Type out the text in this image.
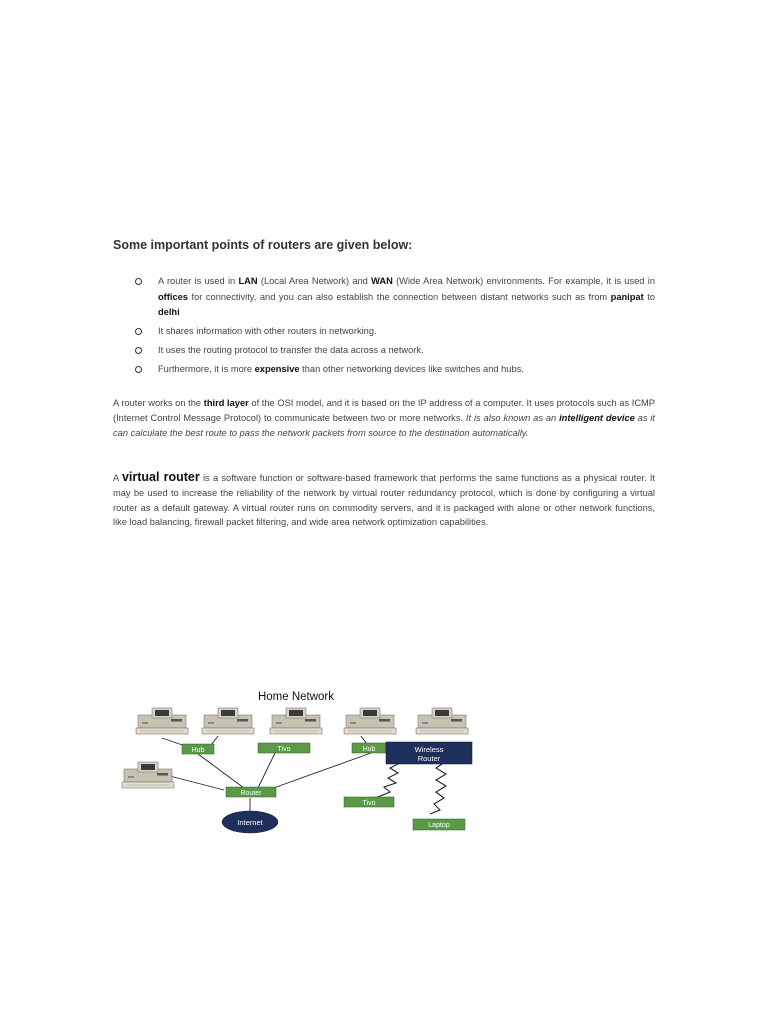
Some important points of routers are given below:
A router is used in LAN (Local Area Network) and WAN (Wide Area Network) environments. For example, it is used in offices for connectivity, and you can also establish the connection between distant networks such as from panipat to delhi
It shares information with other routers in networking.
It uses the routing protocol to transfer the data across a network.
Furthermore, it is more expensive than other networking devices like switches and hubs.

A router works on the third layer of the OSI model, and it is based on the IP address of a computer. It uses protocols such as ICMP (Internet Control Message Protocol) to communicate between two or more networks. It is also known as an intelligent device as it can calculate the best route to pass the network packets from source to the destination automatically.

A virtual router is a software function or software-based framework that performs the same functions as a physical router. It may be used to increase the reliability of the network by virtual router redundancy protocol, which is done by configuring a virtual router as a default gateway. A virtual router runs on commodity servers, and it is packaged with alone or other network functions, like load balancing, firewall packet filtering, and wide area network optimization capabilities.

Home Network
Hub	Tivo	Hub
Router
Tivo
Laptop
Wireless
Router
Internet
